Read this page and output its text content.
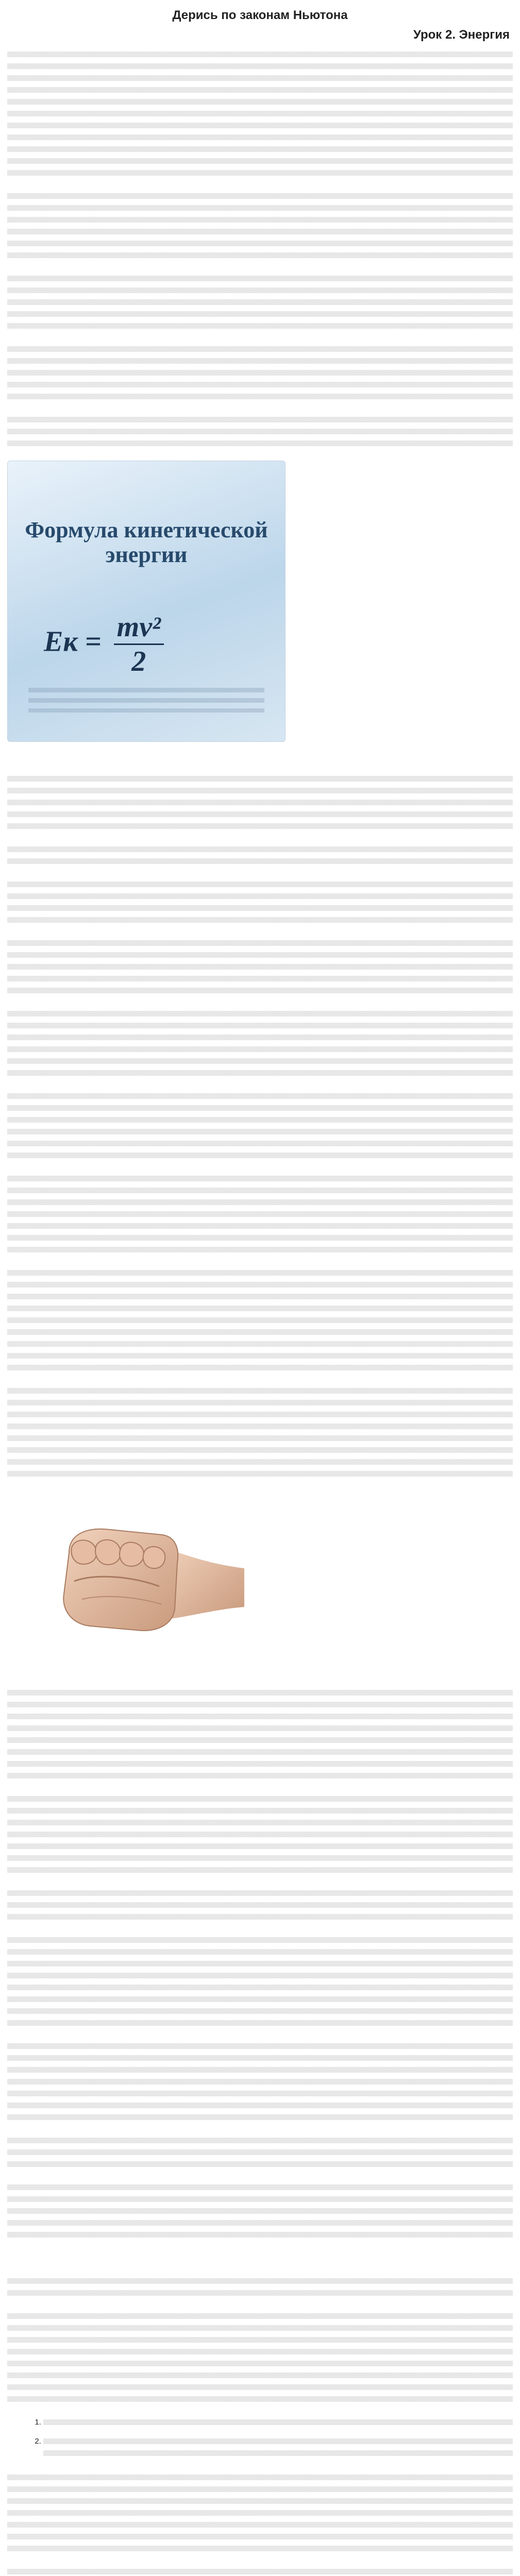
Дерись по законам Ньютона
Урок 2. Энергия

Формула кинетической
энергии
Eк = $\frac{\text{mv²}}{2}$

1.
2.
